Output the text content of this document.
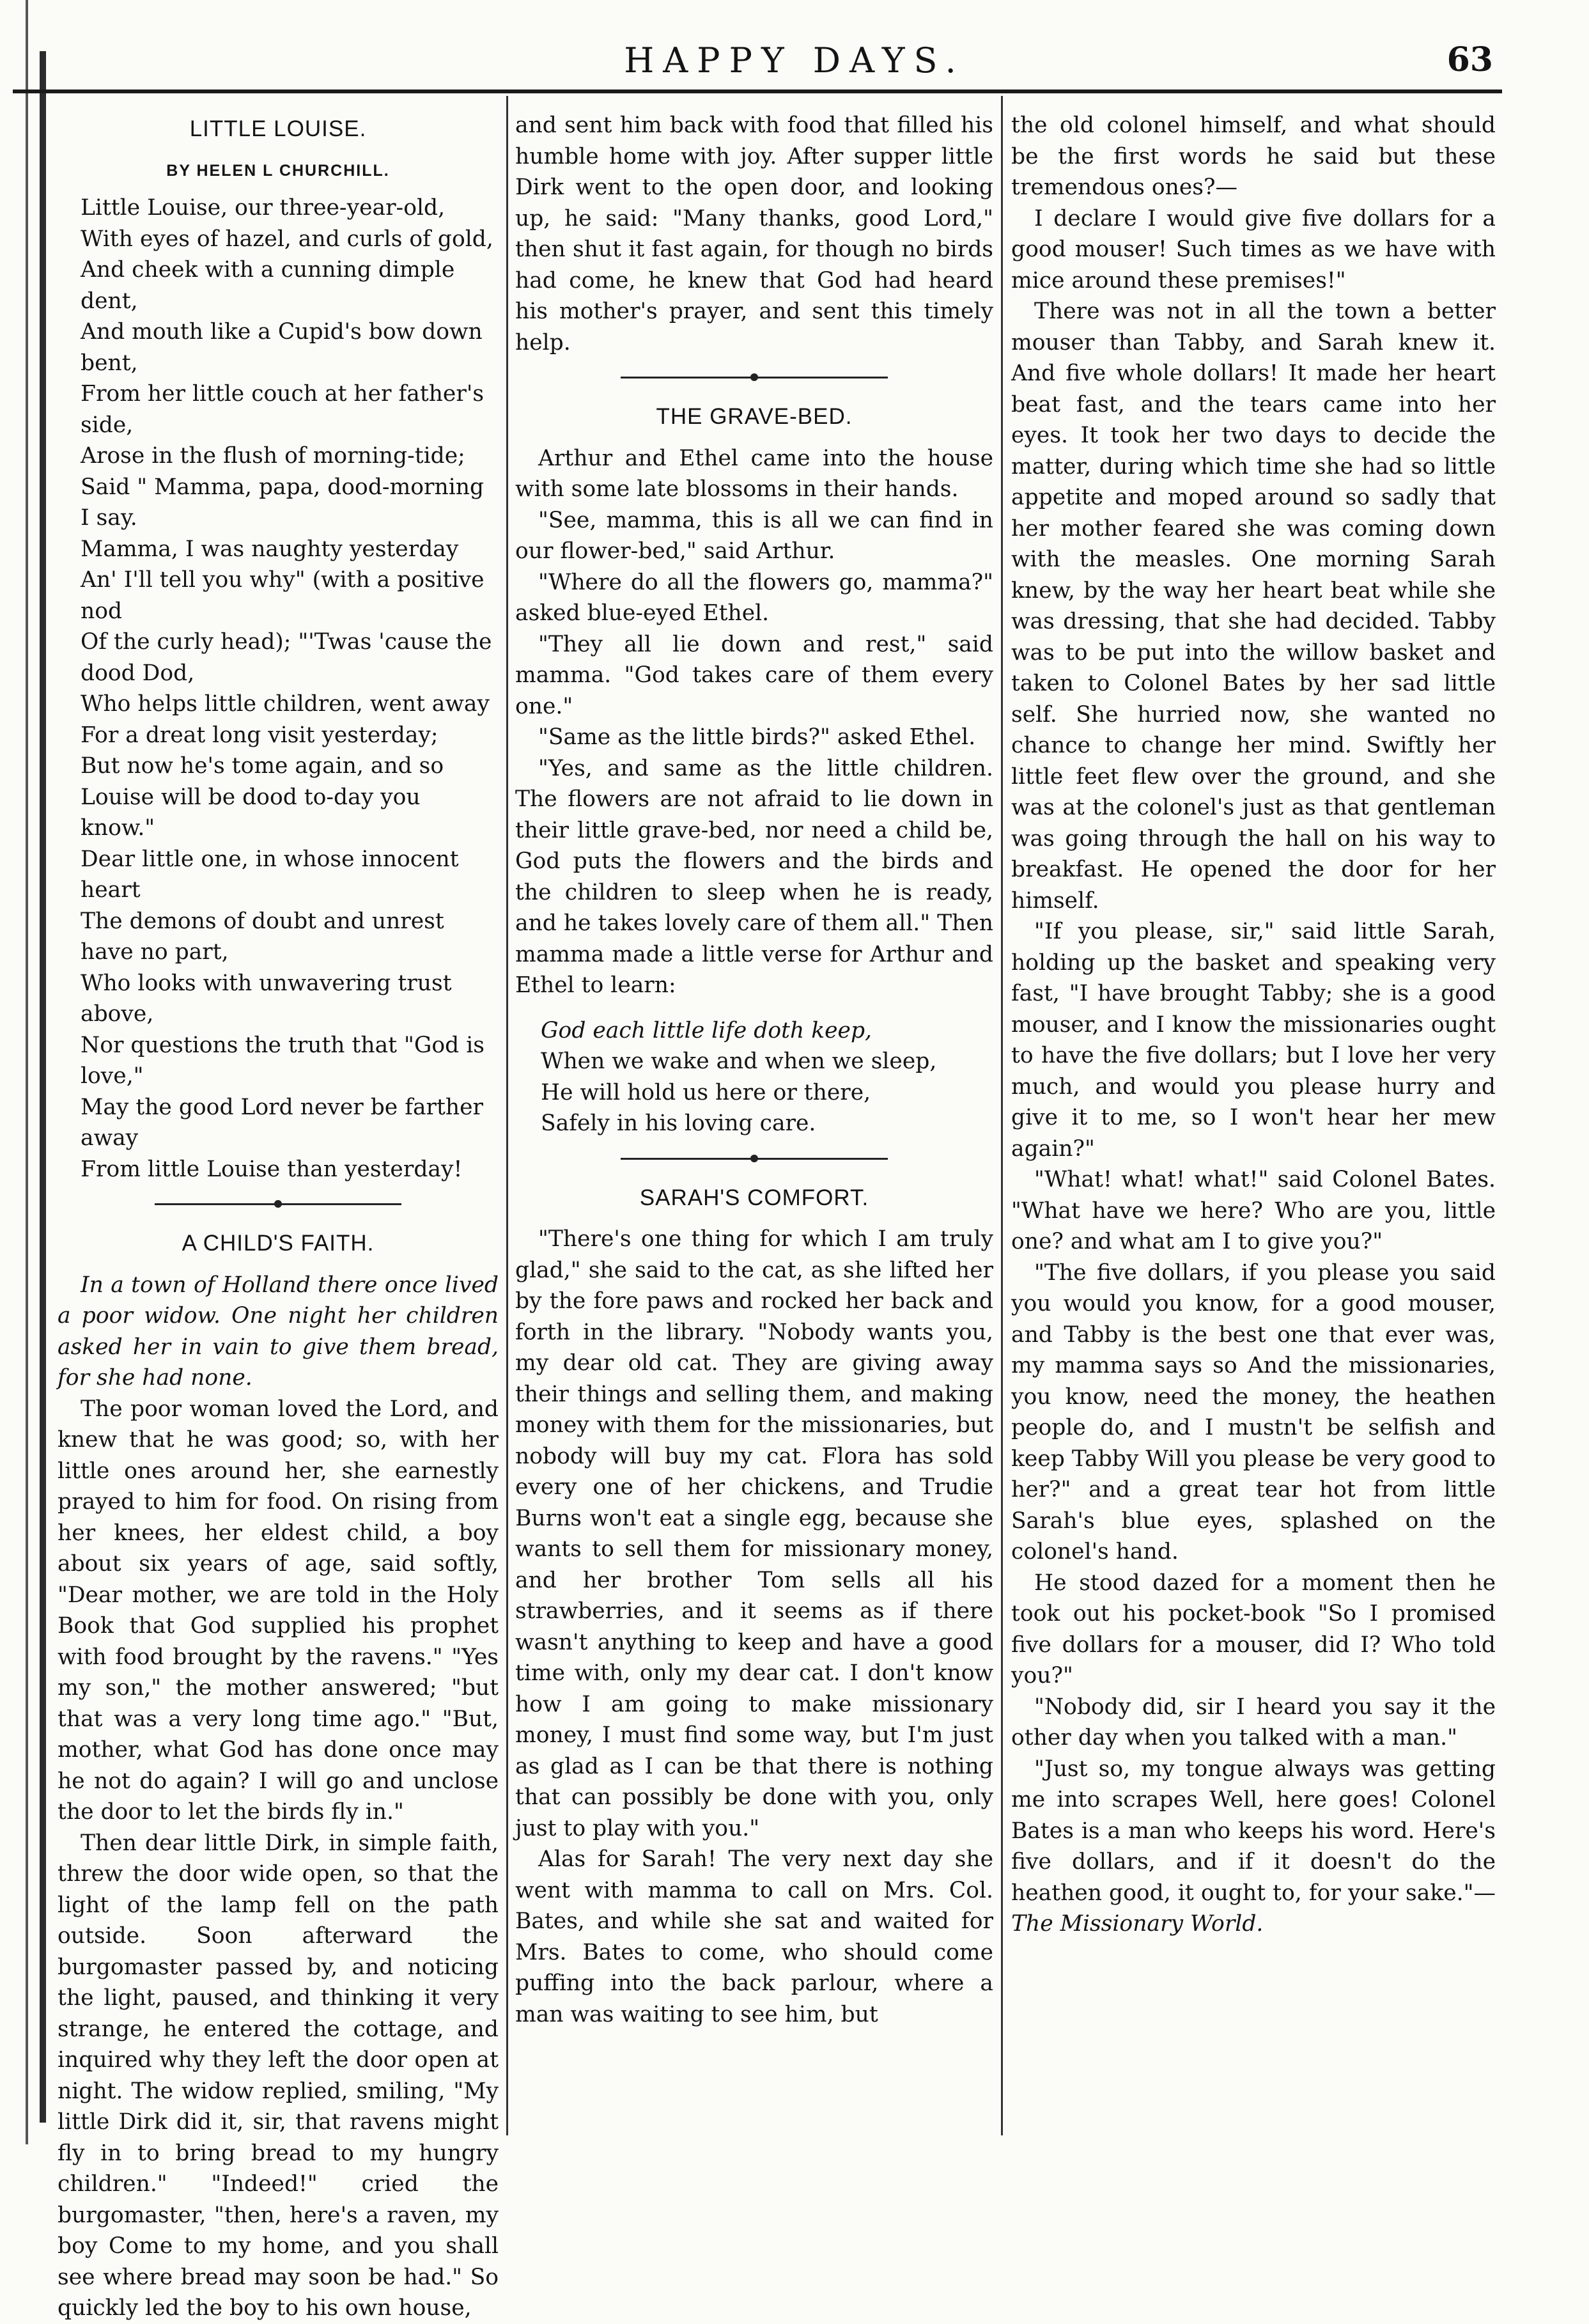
HAPPY DAYS.	63
LITTLE LOUISE.
BY HELEN L CHURCHILL.

Little Louise, our three-year-old,

With eyes of hazel, and curls of gold,

And cheek with a cunning dimple dent,

And mouth like a Cupid's bow down bent,

From her little couch at her father's side,

Arose in the flush of morning-tide;

Said " Mamma, papa, dood-morning I say.

Mamma, I was naughty yesterday

An' I'll tell you why" (with a positive nod

Of the curly head); "'Twas 'cause the dood Dod,

Who helps little children, went away

For a dreat long visit yesterday;

But now he's tome again, and so

Louise will be dood to-day you know."

Dear little one, in whose innocent heart

The demons of doubt and unrest have no part,

Who looks with unwavering trust above,

Nor questions the truth that "God is love,"

May the good Lord never be farther away

From little Louise than yesterday!

A CHILD'S FAITH.

In a town of Holland there once lived a poor widow. One night her children asked her in vain to give them bread, for she had none.

The poor woman loved the Lord, and knew that he was good; so, with her little ones around her, she earnestly prayed to him for food. On rising from her knees, her eldest child, a boy about six years of age, said softly, "Dear mother, we are told in the Holy Book that God supplied his prophet with food brought by the ravens." "Yes my son," the mother answered; "but that was a very long time ago." "But, mother, what God has done once may he not do again? I will go and unclose the door to let the birds fly in."

Then dear little Dirk, in simple faith, threw the door wide open, so that the light of the lamp fell on the path outside. Soon afterward the burgomaster passed by, and noticing the light, paused, and thinking it very strange, he entered the cottage, and inquired why they left the door open at night. The widow replied, smiling, "My little Dirk did it, sir, that ravens might fly in to bring bread to my hungry children." "Indeed!" cried the burgomaster, "then, here's a raven, my boy Come to my home, and you shall see where bread may soon be had." So quickly led the boy to his own house,

and sent him back with food that filled his humble home with joy. After supper little Dirk went to the open door, and looking up, he said: "Many thanks, good Lord," then shut it fast again, for though no birds had come, he knew that God had heard his mother's prayer, and sent this timely help.

THE GRAVE-BED.

Arthur and Ethel came into the house with some late blossoms in their hands.

"See, mamma, this is all we can find in our flower-bed," said Arthur.

"Where do all the flowers go, mamma?" asked blue-eyed Ethel.

"They all lie down and rest," said mamma. "God takes care of them every one."

"Same as the little birds?" asked Ethel.

"Yes, and same as the little children. The flowers are not afraid to lie down in their little grave-bed, nor need a child be, God puts the flowers and the birds and the children to sleep when he is ready, and he takes lovely care of them all." Then mamma made a little verse for Arthur and Ethel to learn:

God each little life doth keep,

When we wake and when we sleep,

He will hold us here or there,

Safely in his loving care.

SARAH'S COMFORT.

"There's one thing for which I am truly glad," she said to the cat, as she lifted her by the fore paws and rocked her back and forth in the library. "Nobody wants you, my dear old cat. They are giving away their things and selling them, and making money with them for the missionaries, but nobody will buy my cat. Flora has sold every one of her chickens, and Trudie Burns won't eat a single egg, because she wants to sell them for missionary money, and her brother Tom sells all his strawberries, and it seems as if there wasn't anything to keep and have a good time with, only my dear cat. I don't know how I am going to make missionary money, I must find some way, but I'm just as glad as I can be that there is nothing that can possibly be done with you, only just to play with you."

Alas for Sarah! The very next day she went with mamma to call on Mrs. Col. Bates, and while she sat and waited for Mrs. Bates to come, who should come puffing into the back parlour, where a man was waiting to see him, but

the old colonel himself, and what should be the first words he said but these tremendous ones?—

I declare I would give five dollars for a good mouser! Such times as we have with mice around these premises!"

There was not in all the town a better mouser than Tabby, and Sarah knew it. And five whole dollars! It made her heart beat fast, and the tears came into her eyes. It took her two days to decide the matter, during which time she had so little appetite and moped around so sadly that her mother feared she was coming down with the measles. One morning Sarah knew, by the way her heart beat while she was dressing, that she had decided. Tabby was to be put into the willow basket and taken to Colonel Bates by her sad little self. She hurried now, she wanted no chance to change her mind. Swiftly her little feet flew over the ground, and she was at the colonel's just as that gentleman was going through the hall on his way to breakfast. He opened the door for her himself.

"If you please, sir," said little Sarah, holding up the basket and speaking very fast, "I have brought Tabby; she is a good mouser, and I know the missionaries ought to have the five dollars; but I love her very much, and would you please hurry and give it to me, so I won't hear her mew again?"

"What! what! what!" said Colonel Bates. "What have we here? Who are you, little one? and what am I to give you?"

"The five dollars, if you please you said you would you know, for a good mouser, and Tabby is the best one that ever was, my mamma says so And the missionaries, you know, need the money, the heathen people do, and I mustn't be selfish and keep Tabby Will you please be very good to her?" and a great tear hot from little Sarah's blue eyes, splashed on the colonel's hand.

He stood dazed for a moment then he took out his pocket-book "So I promised five dollars for a mouser, did I? Who told you?"

"Nobody did, sir I heard you say it the other day when you talked with a man."

"Just so, my tongue always was getting me into scrapes Well, here goes! Colonel Bates is a man who keeps his word. Here's five dollars, and if it doesn't do the heathen good, it ought to, for your sake."— The Missionary World.
